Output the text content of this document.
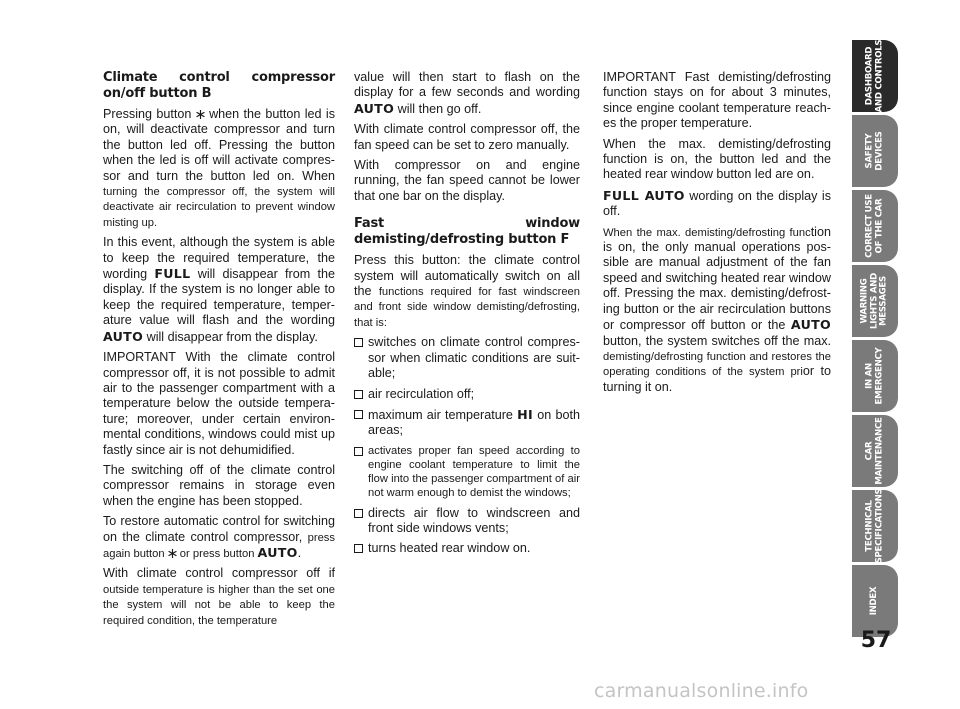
Climate control compressor on/off button B

Pressing button  when the button led is on, will deactivate compressor and turn the button led off. Pressing the button when the led is off will activate compressor and turn the button led on. When turning the compressor off, the system will deactivate air recirculation to prevent window misting up.

In this event, although the system is able to keep the required temperature, the wording FULL will disappear from the display. If the system is no longer able to keep the required temperature, temperature value will flash and the wording AUTO will disappear from the display.

IMPORTANT With the climate control compressor off, it is not possible to admit air to the passenger compartment with a temperature below the outside temperature; moreover, under certain environmental conditions, windows could mist up fastly since air is not dehumidified.

The switching off of the climate control compressor remains in storage even when the engine has been stopped.

To restore automatic control for switching on the climate control compressor, press again button  or press button AUTO.

With climate control compressor off if outside temperature is higher than the set one the system will not be able to keep the required condition, the temperature

value will then start to flash on the display for a few seconds and wording AUTO will then go off.

With climate control compressor off, the fan speed can be set to zero manually.

With compressor on and engine running, the fan speed cannot be lower that one bar on the display.

Fast window demisting/defrosting button F

Press this button: the climate control system will automatically switch on all the functions required for fast windscreen and front side window demisting/defrosting, that is:

switches on climate control compressor when climatic conditions are suitable;
air recirculation off;
maximum air temperature HI on both areas;
activates proper fan speed according to engine coolant temperature to limit the flow into the passenger compartment of air not warm enough to demist the windows;
directs air flow to windscreen and front side windows vents;
turns heated rear window on.

IMPORTANT Fast demisting/defrosting function stays on for about 3 minutes, since engine coolant temperature reaches the proper temperature.

When the max. demisting/defrosting function is on, the button led and the heated rear window button led are on.

FULL AUTO wording on the display is off.

When the max. demisting/defrosting function is on, the only manual operations possible are manual adjustment of the fan speed and switching heated rear window off. Pressing the max. demisting/defrosting button or the air recirculation buttons or compressor off button or the AUTO button, the system switches off the max. demisting/defrosting function and restores the operating conditions of the system prior to turning it on.

DASHBOARD
AND CONTROLS
SAFETY
DEVICES
CORRECT USE
OF THE CAR
WARNING
LIGHTS AND
MESSAGES
IN AN
EMERGENCY
CAR
MAINTENANCE
TECHNICAL
SPECIFICATIONS
INDEX
57
carmanualsonline.info
